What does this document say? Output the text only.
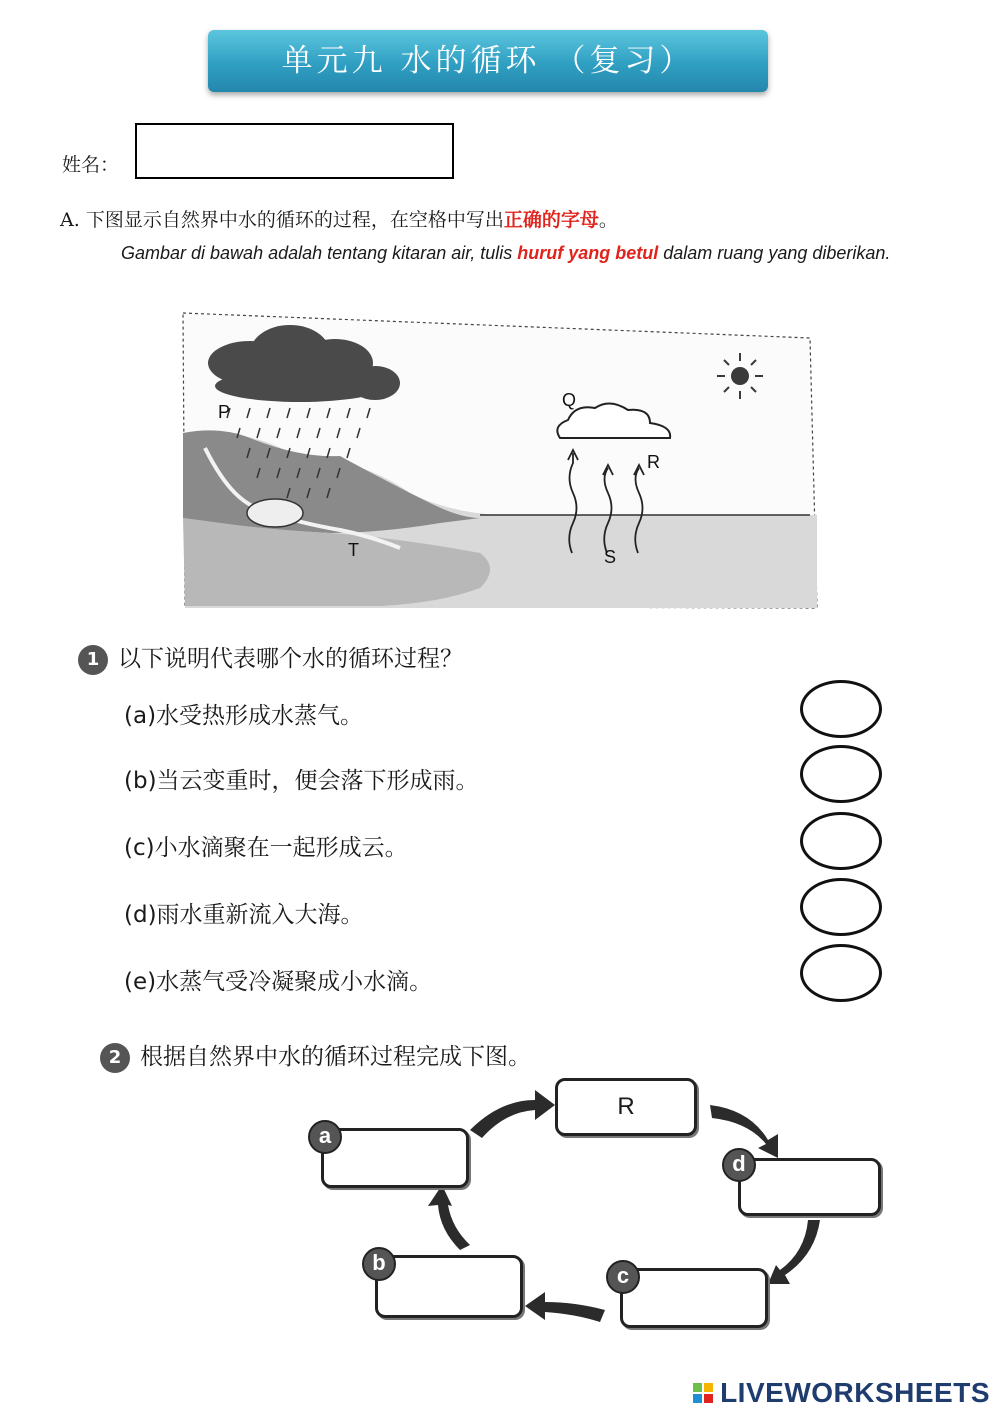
单元九 水的循环 （复习）
姓名：
A. 下图显示自然界中水的循环的过程，在空格中写出正确的字母。
Gambar di bawah adalah tentang kitaran air, tulis huruf yang betul dalam ruang yang diberikan.
P
Q
R
S
T
1 以下说明代表哪个水的循环过程？
(a)水受热形成水蒸气。
(b)当云变重时，便会落下形成雨。
(c)小水滴聚在一起形成云。
(d)雨水重新流入大海。
(e)水蒸气受冷凝聚成小水滴。
2 根据自然界中水的循环过程完成下图。
R
a
d
b
c
LIVEWORKSHEETS
